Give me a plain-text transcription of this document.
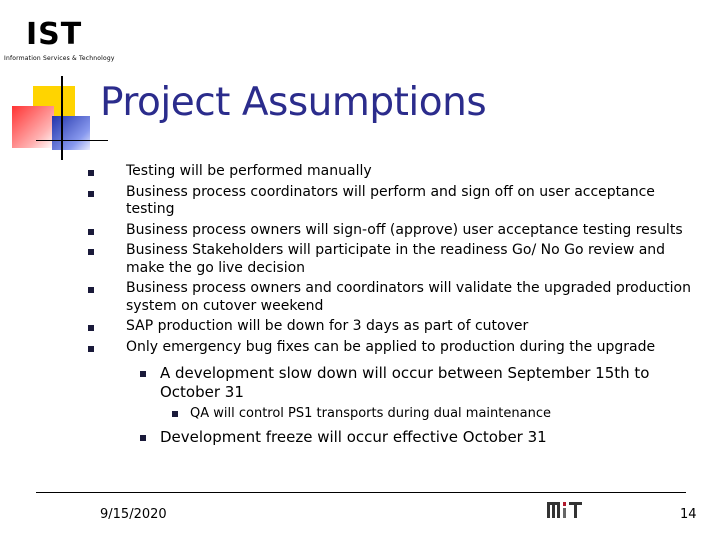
IST
Information Services & Technology
Project Assumptions
Testing will be performed manually
Business process coordinators will perform and sign off on user acceptance testing
Business process owners will sign-off (approve) user acceptance testing results
Business Stakeholders will participate in the readiness Go/ No Go review and make the go live decision
Business process owners and coordinators will validate the upgraded production system on cutover weekend
SAP production will be down for 3 days as part of cutover
Only emergency bug fixes can be applied to production during the upgrade
A development slow down will occur between September 15th to October 31
QA will control PS1 transports during dual maintenance
Development freeze will occur effective October 31
9/15/2020	14
